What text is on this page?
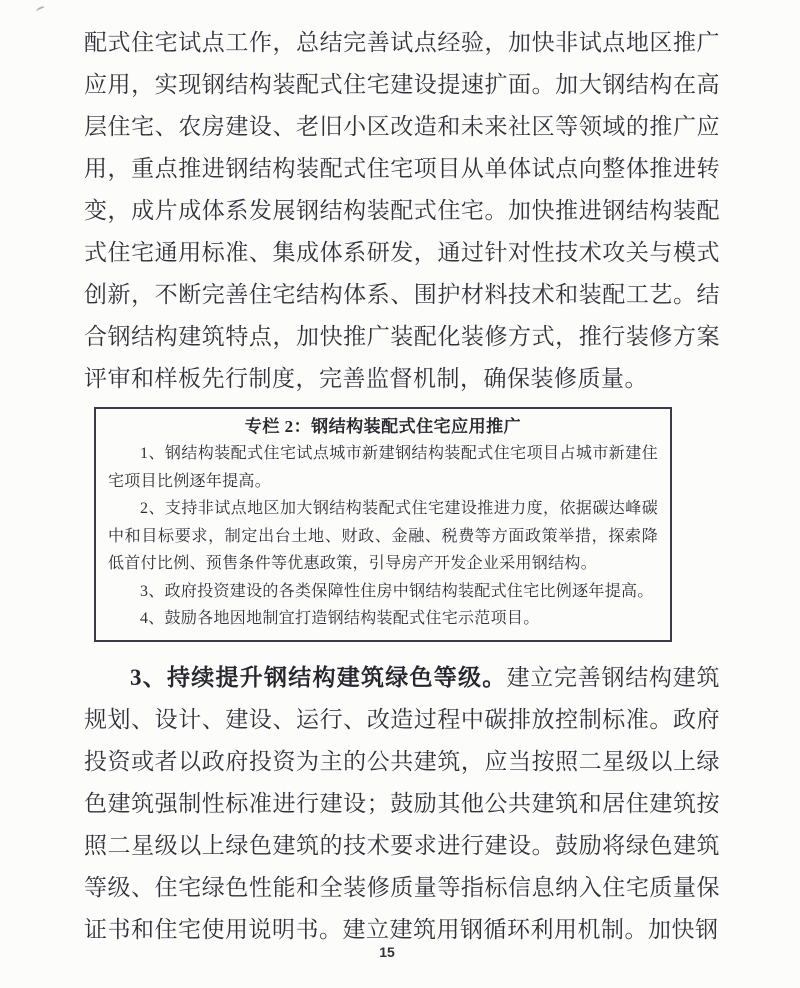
配式住宅试点工作，总结完善试点经验，加快非试点地区推广应用，实现钢结构装配式住宅建设提速扩面。加大钢结构在高层住宅、农房建设、老旧小区改造和未来社区等领域的推广应用，重点推进钢结构装配式住宅项目从单体试点向整体推进转变，成片成体系发展钢结构装配式住宅。加快推进钢结构装配式住宅通用标准、集成体系研发，通过针对性技术攻关与模式创新，不断完善住宅结构体系、围护材料技术和装配工艺。结合钢结构建筑特点，加快推广装配化装修方式，推行装修方案评审和样板先行制度，完善监督机制，确保装修质量。

专栏 2：钢结构装配式住宅应用推广

1、钢结构装配式住宅试点城市新建钢结构装配式住宅项目占城市新建住宅项目比例逐年提高。

2、支持非试点地区加大钢结构装配式住宅建设推进力度，依据碳达峰碳中和目标要求，制定出台土地、财政、金融、税费等方面政策举措，探索降低首付比例、预售条件等优惠政策，引导房产开发企业采用钢结构。

3、政府投资建设的各类保障性住房中钢结构装配式住宅比例逐年提高。

4、鼓励各地因地制宜打造钢结构装配式住宅示范项目。

3、持续提升钢结构建筑绿色等级。建立完善钢结构建筑规划、设计、建设、运行、改造过程中碳排放控制标准。政府投资或者以政府投资为主的公共建筑，应当按照二星级以上绿色建筑强制性标准进行建设；鼓励其他公共建筑和居住建筑按照二星级以上绿色建筑的技术要求进行建设。鼓励将绿色建筑等级、住宅绿色性能和全装修质量等指标信息纳入住宅质量保证书和住宅使用说明书。建立建筑用钢循环利用机制。加快钢

15
